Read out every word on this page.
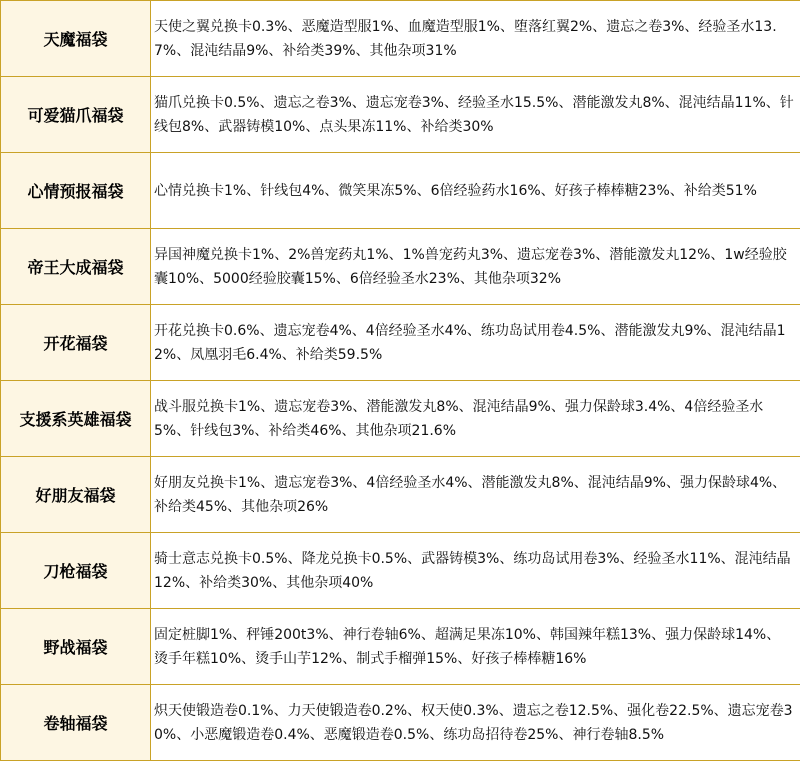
天魔福袋	天使之翼兑换卡0.3%、恶魔造型服1%、血魔造型服1%、堕落红翼2%、遗忘之卷3%、经验圣水13.7%、混沌结晶9%、补给类39%、其他杂项31%
可爱猫爪福袋	猫爪兑换卡0.5%、遗忘之卷3%、遗忘宠卷3%、经验圣水15.5%、潜能激发丸8%、混沌结晶11%、针线包8%、武器铸模10%、点头果冻11%、补给类30%
心情预报福袋	心情兑换卡1%、针线包4%、微笑果冻5%、6倍经验药水16%、好孩子棒棒糖23%、补给类51%
帝王大成福袋	异国神魔兑换卡1%、2%兽宠药丸1%、1%兽宠药丸3%、遗忘宠卷3%、潜能激发丸12%、1w经验胶囊10%、5000经验胶囊15%、6倍经验圣水23%、其他杂项32%
开花福袋	开花兑换卡0.6%、遗忘宠卷4%、4倍经验圣水4%、练功岛试用卷4.5%、潜能激发丸9%、混沌结晶12%、凤凰羽毛6.4%、补给类59.5%
支援系英雄福袋	战斗服兑换卡1%、遗忘宠卷3%、潜能激发丸8%、混沌结晶9%、强力保龄球3.4%、4倍经验圣水5%、针线包3%、补给类46%、其他杂项21.6%
好朋友福袋	好朋友兑换卡1%、遗忘宠卷3%、4倍经验圣水4%、潜能激发丸8%、混沌结晶9%、强力保龄球4%、补给类45%、其他杂项26%
刀枪福袋	骑士意志兑换卡0.5%、降龙兑换卡0.5%、武器铸模3%、练功岛试用卷3%、经验圣水11%、混沌结晶12%、补给类30%、其他杂项40%
野战福袋	固定桩脚1%、秤锤200t3%、神行卷轴6%、超满足果冻10%、韩国辣年糕13%、强力保龄球14%、烫手年糕10%、烫手山芋12%、制式手榴弹15%、好孩子棒棒糖16%
卷轴福袋	炽天使锻造卷0.1%、力天使锻造卷0.2%、权天使0.3%、遗忘之卷12.5%、强化卷22.5%、遗忘宠卷30%、小恶魔锻造卷0.4%、恶魔锻造卷0.5%、练功岛招待卷25%、神行卷轴8.5%
